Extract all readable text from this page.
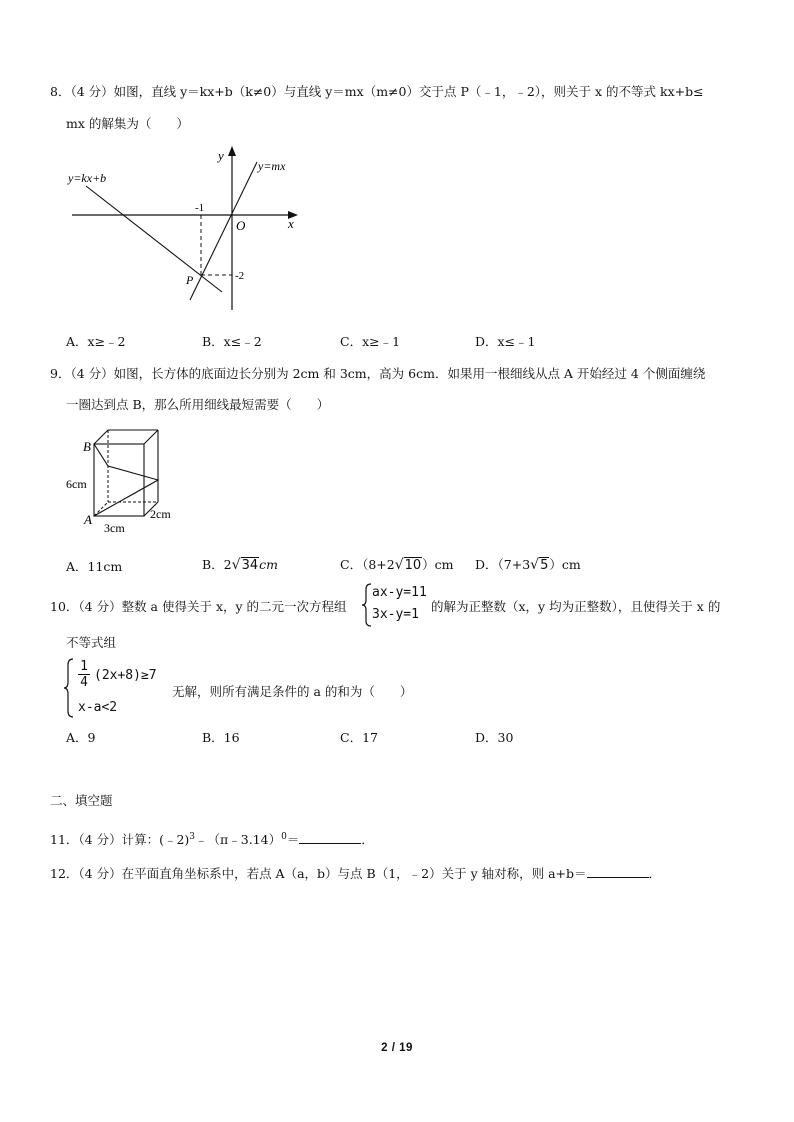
8．（4 分）如图，直线 y＝kx+b（k≠0）与直线 y＝mx（m≠0）交于点 P（﹣1，﹣2），则关于 x 的不等式 kx+b≤
mx 的解集为（　　）
y=kx+b
y=mx
y
x
O
-1
-2
P
A．x≥﹣2	B．x≤﹣2	C．x≥﹣1	D．x≤﹣1
9．（4 分）如图，长方体的底面边长分别为 2cm 和 3cm，高为 6cm．如果用一根细线从点 A 开始经过 4 个侧面缠绕
一圈达到点 B，那么所用细线最短需要（　　）
B
A
6cm
3cm
2cm
A．11cm	B．2√34cm	C．（8+2√10）cm D．（7+3√5）cm
10．（4 分）整数 a 使得关于 x，y 的二元一次方程组
ax-y=11
3x-y=1
的解为正整数（x，y 均为正整数），且使得关于 x 的
不等式组
1
4 (2x+8)≥7
x-a<2
无解，则所有满足条件的 a 的和为（　　）
A．9	B．16	C．17	D．30
二、填空题
11．（4 分）计算：(﹣2)$^3$﹣（π﹣3.14）$^0$＝	．
12．（4 分）在平面直角坐标系中，若点 A（a，b）与点 B（1，﹣2）关于 y 轴对称，则 a+b＝	．
2 / 19
